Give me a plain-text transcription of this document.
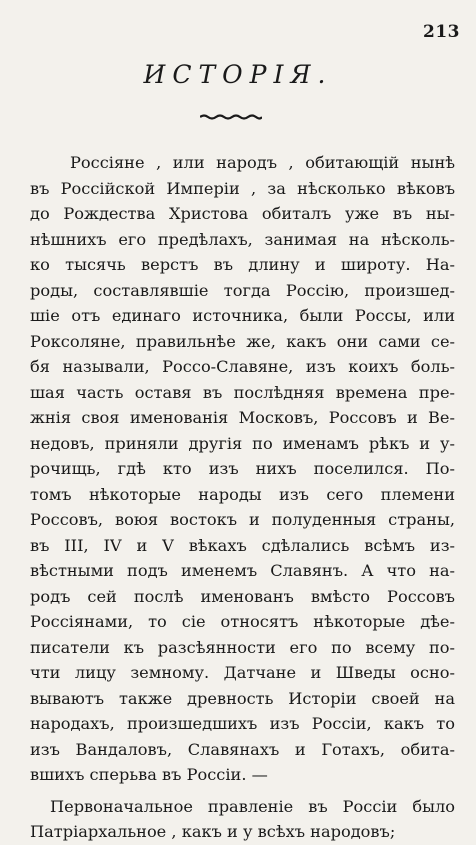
213
ИСТОРІЯ.
Россіяне , или народъ , обитающій нынѣ
въ Россійской Имперіи , за нѣсколько вѣковъ
до Рождества Христова обиталъ уже въ ны-
нѣшнихъ его предѣлахъ, занимая на нѣсколь-
ко тысячь верстъ въ длину и широту. На-
роды, составлявшіе тогда Россію, произшед-
шіе отъ единаго источника, были Россы, или
Роксоляне, правильнѣе же, какъ они сами се-
бя называли, Россо-Славяне, изъ коихъ боль-
шая часть оставя въ послѣдняя времена пре-
жнія своя именованія Московъ, Россовъ и Ве-
недовъ, приняли другія по именамъ рѣкъ и у-
рочищь, гдѣ кто изъ нихъ поселился. По-
томъ нѣкоторые народы изъ сего племени
Россовъ, воюя востокъ и полуденныя страны,
въ III, IV и V вѣкахъ сдѣлались всѣмъ из-
вѣстными подъ именемъ Славянъ. А что на-
родъ сей послѣ именованъ вмѣсто Россовъ
Россіянами, то сіе относятъ нѣкоторые дѣе-
писатели къ разсѣянности его по всему по-
чти лицу земному. Датчане и Шведы осно-
вываютъ также древность Исторіи своей на
народахъ, произшедшихъ изъ Россіи, какъ то
изъ Вандаловъ, Славянахъ и Готахъ, обита-
вшихъ сперьва въ Россіи. —
Первоначальное правленіе въ Россіи было
Патріархальное , какъ и у всѣхъ народовъ;
